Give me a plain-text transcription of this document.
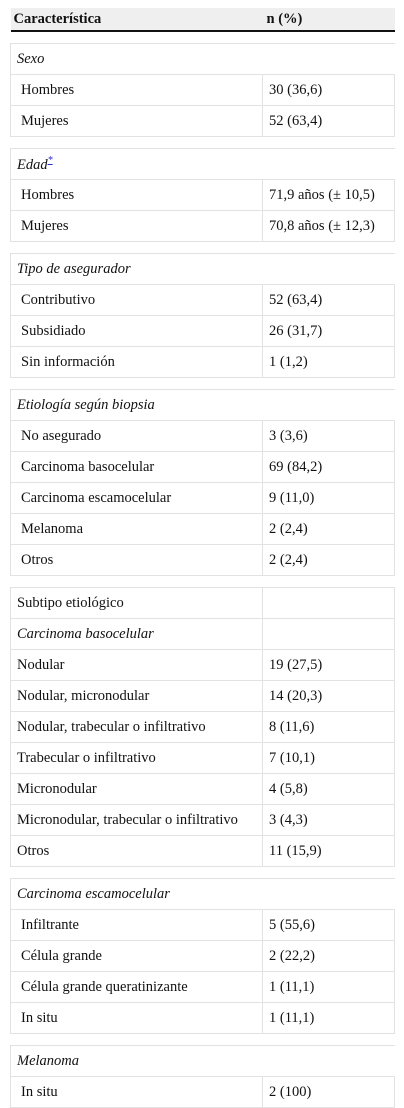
Característica	n (%)

Sexo	
Hombres	30 (36,6)
Mujeres	52 (63,4)

Edad*
Hombres	71,9 años (± 10,5)
Mujeres	70,8 años (± 12,3)

Tipo de asegurador	
Contributivo	52 (63,4)
Subsidiado	26 (31,7)
Sin información	1 (1,2)

Etiología según biopsia	
No asegurado	3 (3,6)
Carcinoma basocelular	69 (84,2)
Carcinoma escamocelular	9 (11,0)
Melanoma	2 (2,4)
Otros	2 (2,4)

Subtipo etiológico	
Carcinoma basocelular	
Nodular	19 (27,5)
Nodular, micronodular	14 (20,3)
Nodular, trabecular o infiltrativo	8 (11,6)
Trabecular o infiltrativo	7 (10,1)
Micronodular	4 (5,8)
Micronodular, trabecular o infiltrativo	3 (4,3)
Otros	11 (15,9)

Carcinoma escamocelular	
Infiltrante	5 (55,6)
Célula grande	2 (22,2)
Célula grande queratinizante	1 (11,1)
In situ	1 (11,1)

Melanoma	
In situ	2 (100)
